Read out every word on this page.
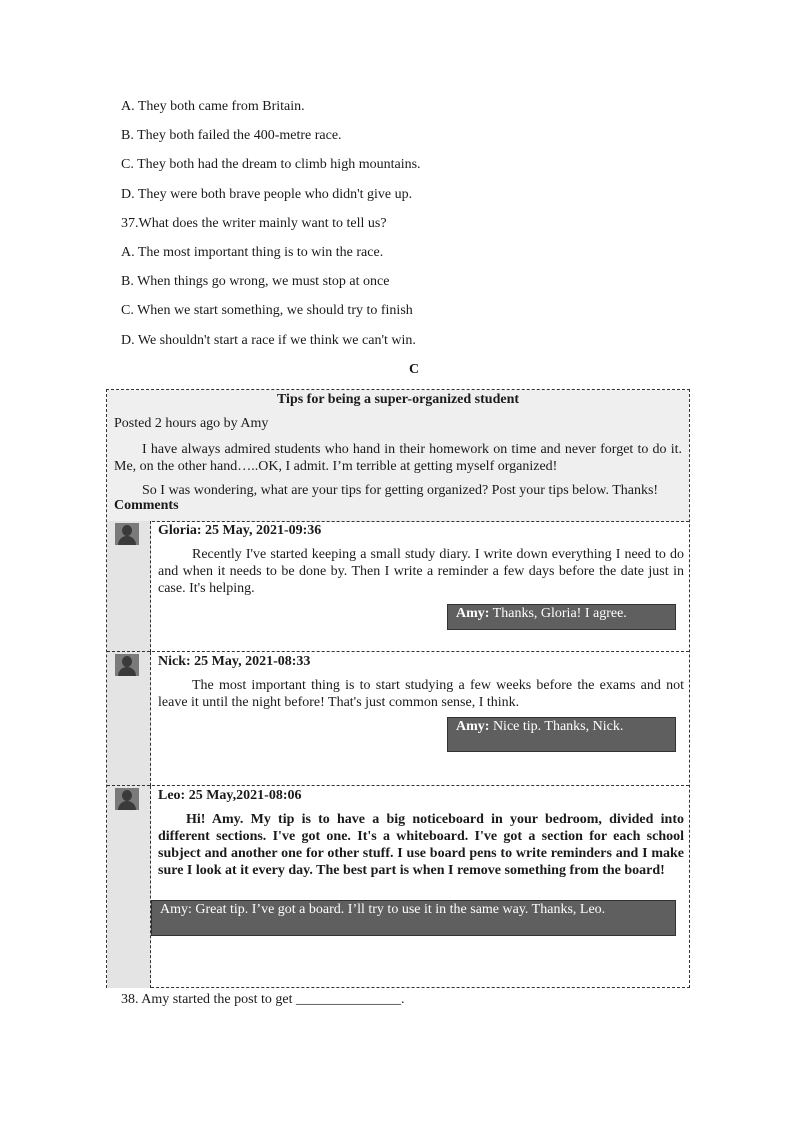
A. They both came from Britain.
B. They both failed the 400-metre race.
C. They both had the dream to climb high mountains.
D. They were both brave people who didn't give up.
37.What does the writer mainly want to tell us?
A. The most important thing is to win the race.
B. When things go wrong, we must stop at once
C. When we start something, we should try to finish
D. We shouldn't start a race if we think we can't win.
C
Tips for being a super-organized student
Posted 2 hours ago by Amy
I have always admired students who hand in their homework on time and never forget to do it. Me, on the other hand…..OK, I admit. I’m terrible at getting myself organized!
So I was wondering, what are your tips for getting organized? Post your tips below. Thanks!
Comments
Gloria: 25 May, 2021-09:36
Recently I've started keeping a small study diary. I write down everything I need to do and when it needs to be done by. Then I write a reminder a few days before the date just in case. It's helping.
Amy: Thanks, Gloria! I agree.
Nick: 25 May, 2021-08:33
The most important thing is to start studying a few weeks before the exams and not leave it until the night before! That's just common sense, I think.
Amy: Nice tip. Thanks, Nick.
Leo: 25 May,2021-08:06
Hi! Amy. My tip is to have a big noticeboard in your bedroom, divided into different sections. I've got one. It's a whiteboard. I've got a section for each school subject and another one for other stuff. I use board pens to write reminders and I make sure I look at it every day. The best part is when I remove something from the board!
Amy: Great tip. I’ve got a board. I’ll try to use it in the same way. Thanks, Leo.
38. Amy started the post to get _______________.
